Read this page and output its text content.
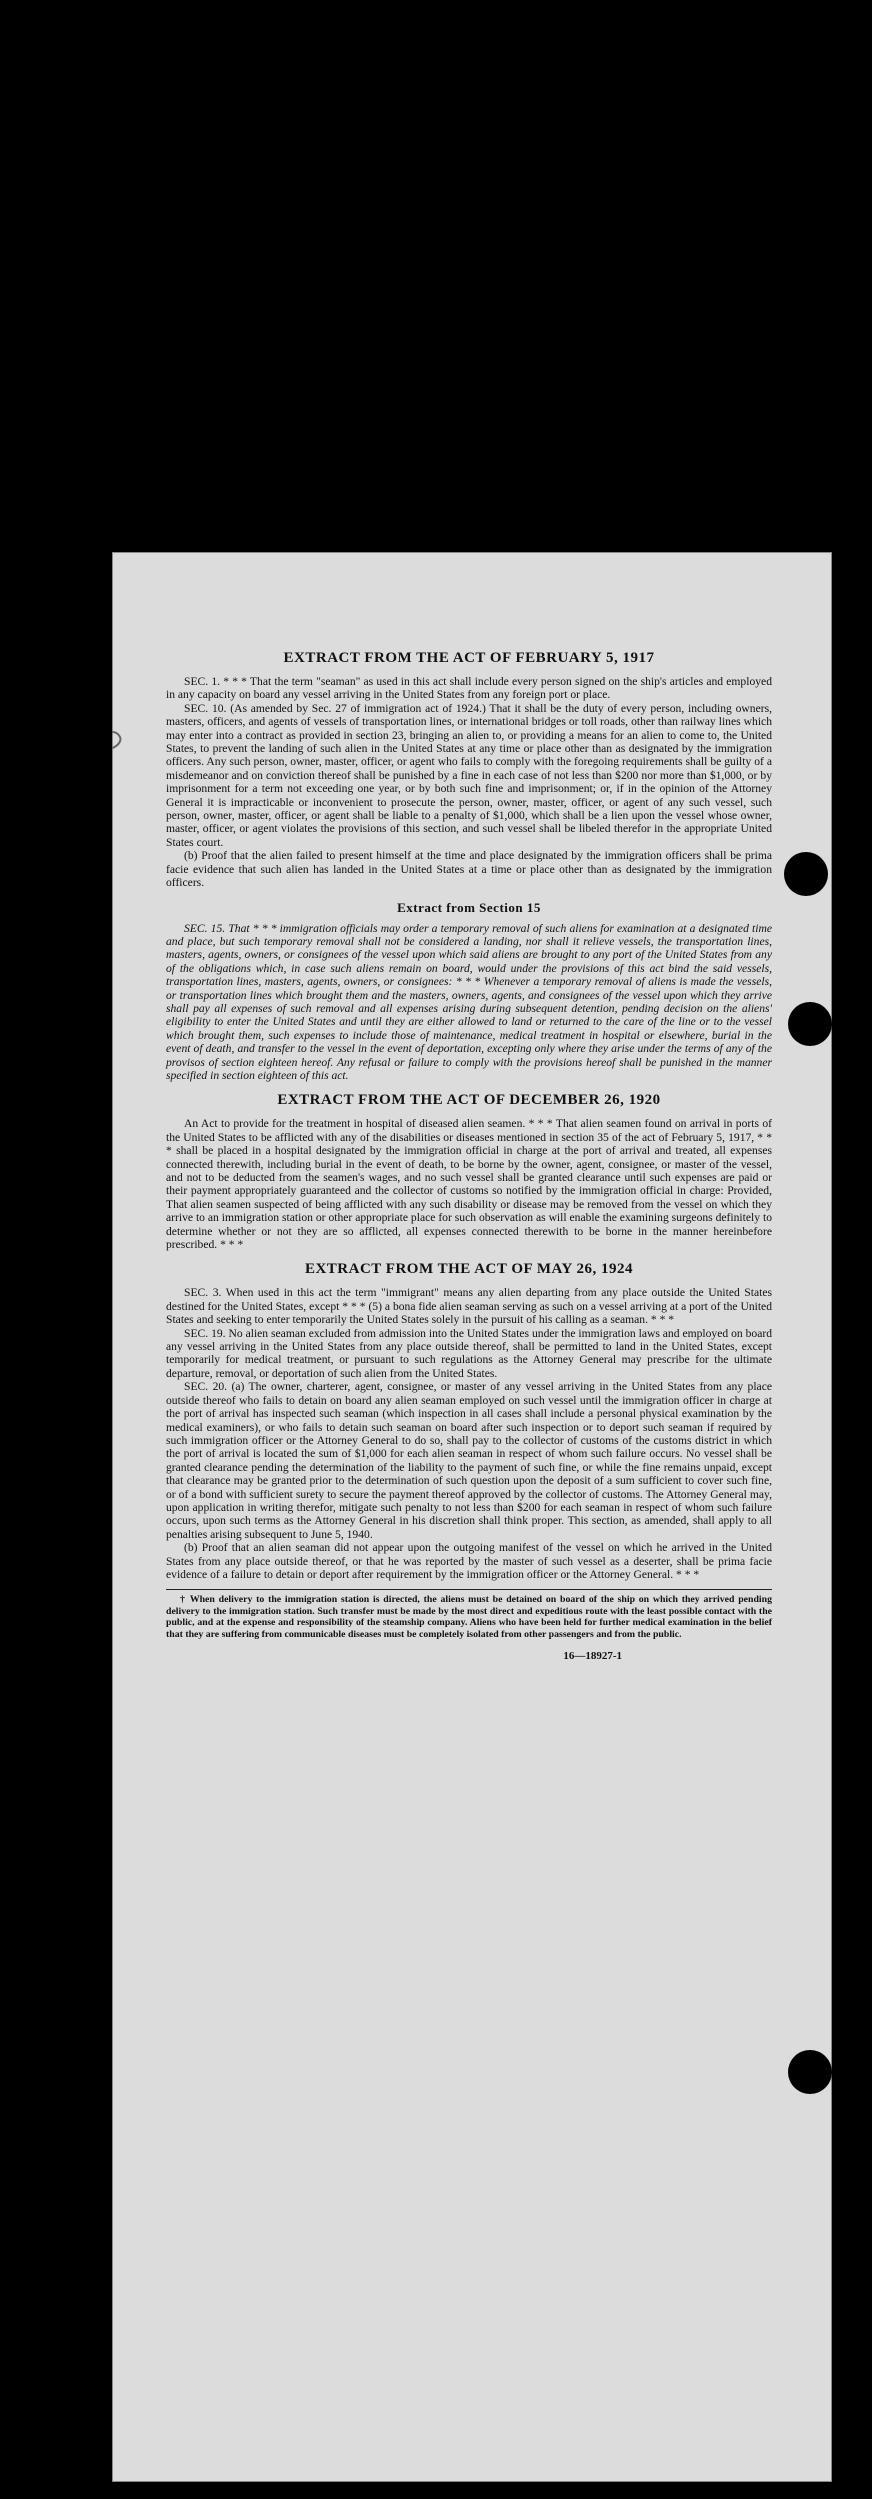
EXTRACT FROM THE ACT OF FEBRUARY 5, 1917

SEC. 1. * * * That the term "seaman" as used in this act shall include every person signed on the ship's articles and employed in any capacity on board any vessel arriving in the United States from any foreign port or place.

SEC. 10. (As amended by Sec. 27 of immigration act of 1924.) That it shall be the duty of every person, including owners, masters, officers, and agents of vessels of transportation lines, or international bridges or toll roads, other than railway lines which may enter into a contract as provided in section 23, bringing an alien to, or providing a means for an alien to come to, the United States, to prevent the landing of such alien in the United States at any time or place other than as designated by the immigration officers. Any such person, owner, master, officer, or agent who fails to comply with the foregoing requirements shall be guilty of a misdemeanor and on conviction thereof shall be punished by a fine in each case of not less than $200 nor more than $1,000, or by imprisonment for a term not exceeding one year, or by both such fine and imprisonment; or, if in the opinion of the Attorney General it is impracticable or inconvenient to prosecute the person, owner, master, officer, or agent of any such vessel, such person, owner, master, officer, or agent shall be liable to a penalty of $1,000, which shall be a lien upon the vessel whose owner, master, officer, or agent violates the provisions of this section, and such vessel shall be libeled therefor in the appropriate United States court.

(b) Proof that the alien failed to present himself at the time and place designated by the immigration officers shall be prima facie evidence that such alien has landed in the United States at a time or place other than as designated by the immigration officers.

Extract from Section 15

SEC. 15. That * * * immigration officials may order a temporary removal of such aliens for examination at a designated time and place, but such temporary removal shall not be considered a landing, nor shall it relieve vessels, the transportation lines, masters, agents, owners, or consignees of the vessel upon which said aliens are brought to any port of the United States from any of the obligations which, in case such aliens remain on board, would under the provisions of this act bind the said vessels, transportation lines, masters, agents, owners, or consignees: * * * Whenever a temporary removal of aliens is made the vessels, or transportation lines which brought them and the masters, owners, agents, and consignees of the vessel upon which they arrive shall pay all expenses of such removal and all expenses arising during subsequent detention, pending decision on the aliens' eligibility to enter the United States and until they are either allowed to land or returned to the care of the line or to the vessel which brought them, such expenses to include those of maintenance, medical treatment in hospital or elsewhere, burial in the event of death, and transfer to the vessel in the event of deportation, excepting only where they arise under the terms of any of the provisos of section eighteen hereof. Any refusal or failure to comply with the provisions hereof shall be punished in the manner specified in section eighteen of this act.

EXTRACT FROM THE ACT OF DECEMBER 26, 1920

An Act to provide for the treatment in hospital of diseased alien seamen. * * * That alien seamen found on arrival in ports of the United States to be afflicted with any of the disabilities or diseases mentioned in section 35 of the act of February 5, 1917, * * * shall be placed in a hospital designated by the immigration official in charge at the port of arrival and treated, all expenses connected therewith, including burial in the event of death, to be borne by the owner, agent, consignee, or master of the vessel, and not to be deducted from the seamen's wages, and no such vessel shall be granted clearance until such expenses are paid or their payment appropriately guaranteed and the collector of customs so notified by the immigration official in charge: Provided, That alien seamen suspected of being afflicted with any such disability or disease may be removed from the vessel on which they arrive to an immigration station or other appropriate place for such observation as will enable the examining surgeons definitely to determine whether or not they are so afflicted, all expenses connected therewith to be borne in the manner hereinbefore prescribed. * * *

EXTRACT FROM THE ACT OF MAY 26, 1924

SEC. 3. When used in this act the term "immigrant" means any alien departing from any place outside the United States destined for the United States, except * * * (5) a bona fide alien seaman serving as such on a vessel arriving at a port of the United States and seeking to enter temporarily the United States solely in the pursuit of his calling as a seaman. * * *

SEC. 19. No alien seaman excluded from admission into the United States under the immigration laws and employed on board any vessel arriving in the United States from any place outside thereof, shall be permitted to land in the United States, except temporarily for medical treatment, or pursuant to such regulations as the Attorney General may prescribe for the ultimate departure, removal, or deportation of such alien from the United States.

SEC. 20. (a) The owner, charterer, agent, consignee, or master of any vessel arriving in the United States from any place outside thereof who fails to detain on board any alien seaman employed on such vessel until the immigration officer in charge at the port of arrival has inspected such seaman (which inspection in all cases shall include a personal physical examination by the medical examiners), or who fails to detain such seaman on board after such inspection or to deport such seaman if required by such immigration officer or the Attorney General to do so, shall pay to the collector of customs of the customs district in which the port of arrival is located the sum of $1,000 for each alien seaman in respect of whom such failure occurs. No vessel shall be granted clearance pending the determination of the liability to the payment of such fine, or while the fine remains unpaid, except that clearance may be granted prior to the determination of such question upon the deposit of a sum sufficient to cover such fine, or of a bond with sufficient surety to secure the payment thereof approved by the collector of customs. The Attorney General may, upon application in writing therefor, mitigate such penalty to not less than $200 for each seaman in respect of whom such failure occurs, upon such terms as the Attorney General in his discretion shall think proper. This section, as amended, shall apply to all penalties arising subsequent to June 5, 1940.

(b) Proof that an alien seaman did not appear upon the outgoing manifest of the vessel on which he arrived in the United States from any place outside thereof, or that he was reported by the master of such vessel as a deserter, shall be prima facie evidence of a failure to detain or deport after requirement by the immigration officer or the Attorney General. * * *

† When delivery to the immigration station is directed, the aliens must be detained on board of the ship on which they arrived pending delivery to the immigration station. Such transfer must be made by the most direct and expeditious route with the least possible contact with the public, and at the expense and responsibility of the steamship company. Aliens who have been held for further medical examination in the belief that they are suffering from communicable diseases must be completely isolated from other passengers and from the public.

16—18927-1
